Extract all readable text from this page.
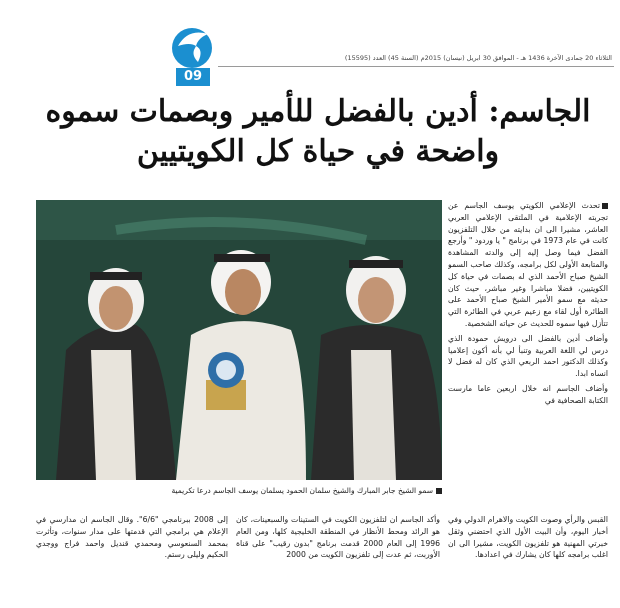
09
الثلاثاء 20 جمادى الآخرة 1436 هـ - الموافق 30 ابريل (نيسان) 2015م (السنة 45) العدد (15595)
الجاسم: أدين بالفضل للأمير وبصمات سموه
واضحة في حياة كل الكويتيين
سمو الشيخ جابر المبارك والشيخ سلمان الحمود يسلمان يوسف الجاسم درعا تكريمية

تحدث الإعلامي الكويتي يوسف الجاسم عن تجربته الإعلامية في الملتقى الإعلامي العربي العاشر، مشيرا الى ان بدايته من خلال التلفزيون كانت في عام 1973 في برنامج " يا وردود " وأرجع الفضل فيما وصل إليه إلى والدته المشاهدة والمتابعة الأولى لكل برامجه، وكذلك صاحب السمو الشيخ صباح الأحمد الذي له بصمات في حياة كل الكويتيين، فضلا مباشرا وغير مباشر، حيث كان حديثه مع سمو الأمير الشيخ صباح الأحمد على الطائرة أول لقاء مع زعيم عربي في الطائرة التي تتأزل فيها سموه للحديث عن حياته الشخصية.

وأضاف أدين بالفضل الى درويش حمودة الذي درس لي اللغة العربية وتنبأ لي بأنه أكون إعلاميا وكذلك الدكتور احمد الربعي الذي كان له فضل لا انساه ابدا.

وأضاف الجاسم انه خلال اربعين عاما مارست الكتابة الصحافية في

القبس والرأي وصوت الكويت والاهرام الدولي وفي أخبار اليوم، وأن البيت الأول الذي احتضني وثقل خبرتي المهنية هو تلفزيون الكويت، مشيرا الى ان اغلب برامجه كلها كان يشارك في اعدادها.
وأكد الجاسم ان لتلفزيون الكويت في الستينات والسبعينات، كان هو الرائد ومحط الأنظار في المنطقة الخليجية كلها، ومن العام 1996 إلى العام 2000 قدمت برنامج "بدون رقيب" على قناة الأوربت، ثم عدت إلى تلفزيون الكويت من 2000
إلى 2008 ببرنامجي "6/6". وقال الجاسم ان مدارسي في الإعلام هي برامجي التي قدمتها على مدار سنوات، وتأثرت بمحمد السنعوسي ومحمدي قنديل واحمد فراج ووجدي الحكيم وليلى رستم.
